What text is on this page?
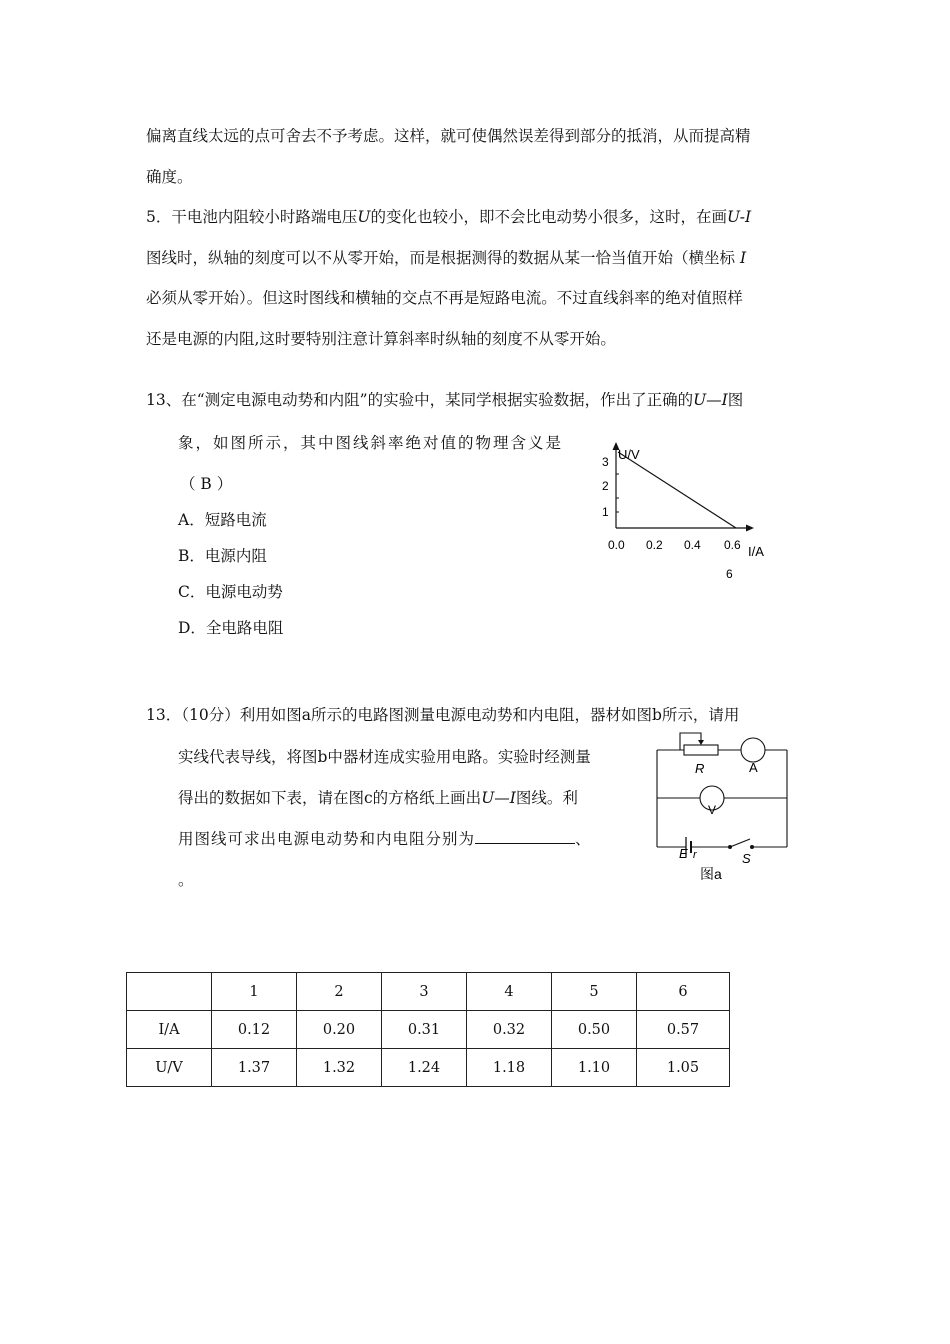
偏离直线太远的点可舍去不予考虑。这样，就可使偶然误差得到部分的抵消，从而提高精
确度。
5．干电池内阻较小时路端电压U的变化也较小，即不会比电动势小很多，这时，在画U-I
图线时，纵轴的刻度可以不从零开始，而是根据测得的数据从某一恰当值开始（横坐标 I
必须从零开始）。但这时图线和横轴的交点不再是短路电流。不过直线斜率的绝对值照样
还是电源的内阻,这时要特别注意计算斜率时纵轴的刻度不从零开始。
13、在“测定电源电动势和内阻”的实验中，某同学根据实验数据，作出了正确的U—I图
象，如图所示，其中图线斜率绝对值的物理含义是
（ B ）
A．短路电流
B．电源内阻
C．电源电动势
D．全电路电阻
U/V
3
2
1
0.0 0.2 0.4 0.6 I/A
6
13．（10分）利用如图a所示的电路图测量电源电动势和内电阻，器材如图b所示，请用
实线代表导线，将图b中器材连成实验用电路。实验时经测量
得出的数据如下表，请在图c的方格纸上画出U—I图线。利
用图线可求出电源电动势和内电阻分别为	、
。
R	A
V
E r	S
图a
	1	2	3	4	5	6
I/A	0.12	0.20	0.31	0.32	0.50	0.57
U/V	1.37	1.32	1.24	1.18	1.10	1.05
